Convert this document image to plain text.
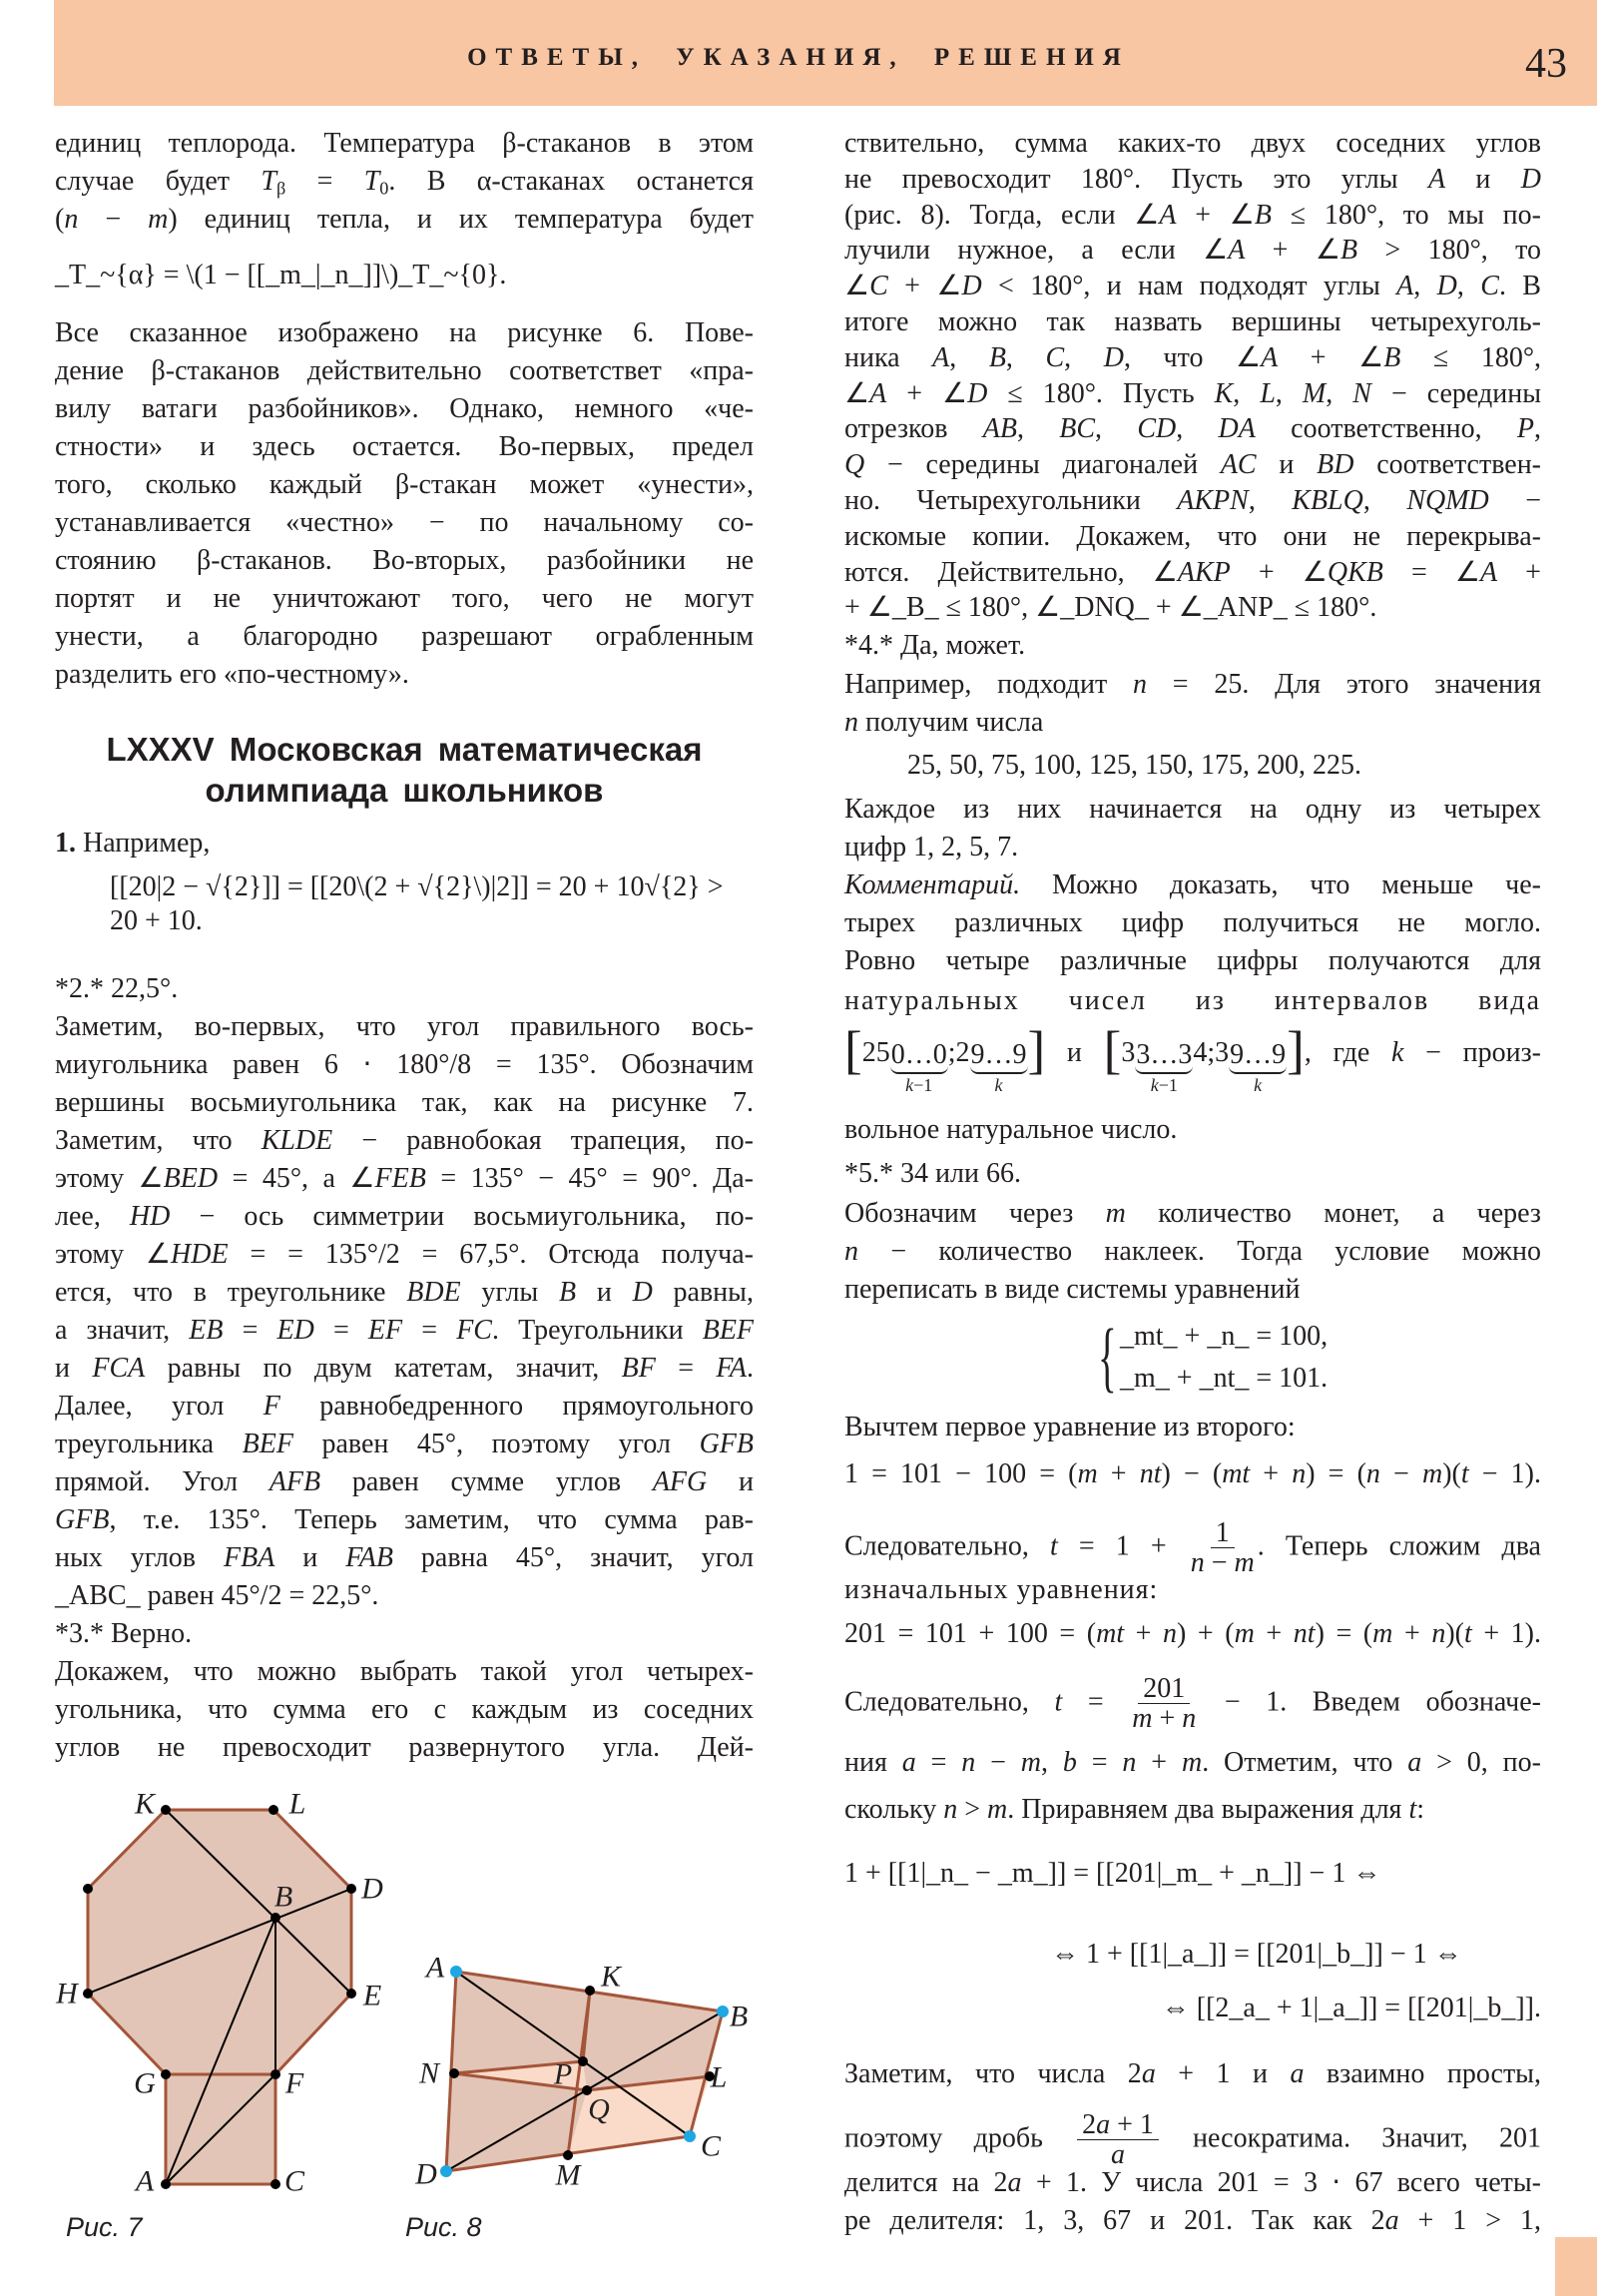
ОТВЕТЫ, УКАЗАНИЯ, РЕШЕНИЯ	43
единиц теплорода. Температура β-стаканов в этом
случае будет $T_\beta = T_0$. В α-стаканах останется
(n − m) единиц тепла, и их температура будет
_T_~{α} = \(1 − [[_m_|_n_]]\)_T_~{0}.
Все сказанное изображено на рисунке 6. Пове-
дение β-стаканов действительно соответствет «пра-
вилу ватаги разбойников». Однако, немного «че-
стности» и здесь остается. Во-первых, предел
того, сколько каждый β-стакан может «унести»,
устанавливается «честно» − по начальному со-
стоянию β-стаканов. Во-вторых, разбойники не
портят и не уничтожают того, чего не могут
унести, а благородно разрешают ограбленным
разделить его «по-честному».
LXXXV Московская математическая
олимпиада школьников
1. Например,
[[20|2 − √{2}]] = [[20\(2 + √{2}\)|2]] = 20 + 10√{2} > 20 + 10.
*2.* 22,5°.
Заметим, во-первых, что угол правильного вось-
миугольника равен 6 ⋅ 180°/8 = 135°. Обозначим
вершины восьмиугольника так, как на рисунке 7.
Заметим, что KLDE − равнобокая трапеция, по-
этому ∠BED = 45°, а ∠FEB = 135° − 45° = 90°. Да-
лее, HD − ось симметрии восьмиугольника, по-
этому ∠HDE = = 135°/2 = 67,5°. Отсюда получа-
ется, что в треугольнике BDE углы B и D равны,
а значит, EB = ED = EF = FC. Треугольники BEF
и FCA равны по двум катетам, значит, BF = FA.
Далее, угол F равнобедренного прямоугольного
треугольника BEF равен 45°, поэтому угол GFB
прямой. Угол AFB равен сумме углов AFG и
GFB, т.е. 135°. Теперь заметим, что сумма рав-
ных углов FBA и FAB равна 45°, значит, угол
_ABC_ равен 45°/2 = 22,5°.
*3.* Верно.
Докажем, что можно выбрать такой угол четырех-
угольника, что сумма его с каждым из соседних
углов не превосходит развернутого угла. Дей-
K	L
D
B
H	E
G	F
A	C
Рис. 7
A	K
B
N	P	L
Q
C
M
D
Рис. 8
ствительно, сумма каких-то двух соседних углов
не превосходит 180°. Пусть это углы A и D
(рис. 8). Тогда, если ∠A + ∠B ≤ 180°, то мы по-
лучили нужное, а если ∠A + ∠B > 180°, то
∠C + ∠D < 180°, и нам подходят углы A, D, C. В
итоге можно так назвать вершины четырехуголь-
ника A, B, C, D, что ∠A + ∠B ≤ 180°,
∠A + ∠D ≤ 180°. Пусть K, L, M, N − середины
отрезков AB, BC, CD, DA соответственно, P,
Q − середины диагоналей AC и BD соответствен-
но. Четырехугольники AKPN, KBLQ, NQMD −
искомые копии. Докажем, что они не перекрыва-
ются. Действительно, ∠AKP + ∠QKB = ∠A +
+ ∠_B_ ≤ 180°, ∠_DNQ_ + ∠_ANP_ ≤ 180°.
*4.* Да, может.
Например, подходит n = 25. Для этого значения
n получим числа
25, 50, 75, 100, 125, 150, 175, 200, 225.
Каждое из них начинается на одну из четырех
цифр 1, 2, 5, 7.
Комментарий. Можно доказать, что меньше че-
тырех различных цифр получиться не могло.
Ровно четыре различные цифры получаются для
натуральных чисел из интервалов вида
[25 0…0
k−1
;2 9…9
k
] и [3 3…3
k−1
4;3 9…9
k
], где k − произ-
вольное натуральное число.
*5.* 34 или 66.
Обозначим через m количество монет, а через
n − количество наклеек. Тогда условие можно
переписать в виде системы уравнений
Вычтем первое уравнение из второго:
1 = 101 − 100 = (m + nt) − (mt + n) = (n − m)(t − 1).
Следовательно, $t = 1 + \frac{1}{n - m}$ . Теперь сложим два
изначальных уравнения:
201 = 101 + 100 = (mt + n) + (m + nt) = (m + n)(t + 1).
Следовательно, $t = \frac{201}{m + n} - 1$. Введем обозначе-
ния a = n − m, b = n + m. Отметим, что a > 0, по-
скольку n > m. Приравняем два выражения для t:
1 + [[1|_n_ − _m_]] = [[201|_m_ + _n_]] − 1 ⇔
⇔ 1 + [[1|_a_]] = [[201|_b_]] − 1 ⇔
⇔ [[2_a_ + 1|_a_]] = [[201|_b_]].
Заметим, что числа 2a + 1 и a взаимно просты,
поэтому дробь $\frac{2a + 1}{a}$ несократима. Значит, 201
делится на 2a + 1. У числа 201 = 3 ⋅ 67 всего четы-
ре делителя: 1, 3, 67 и 201. Так как 2a + 1 > 1,
{ _mt_ + _n_ = 100,
_m_ + _nt_ = 101.
